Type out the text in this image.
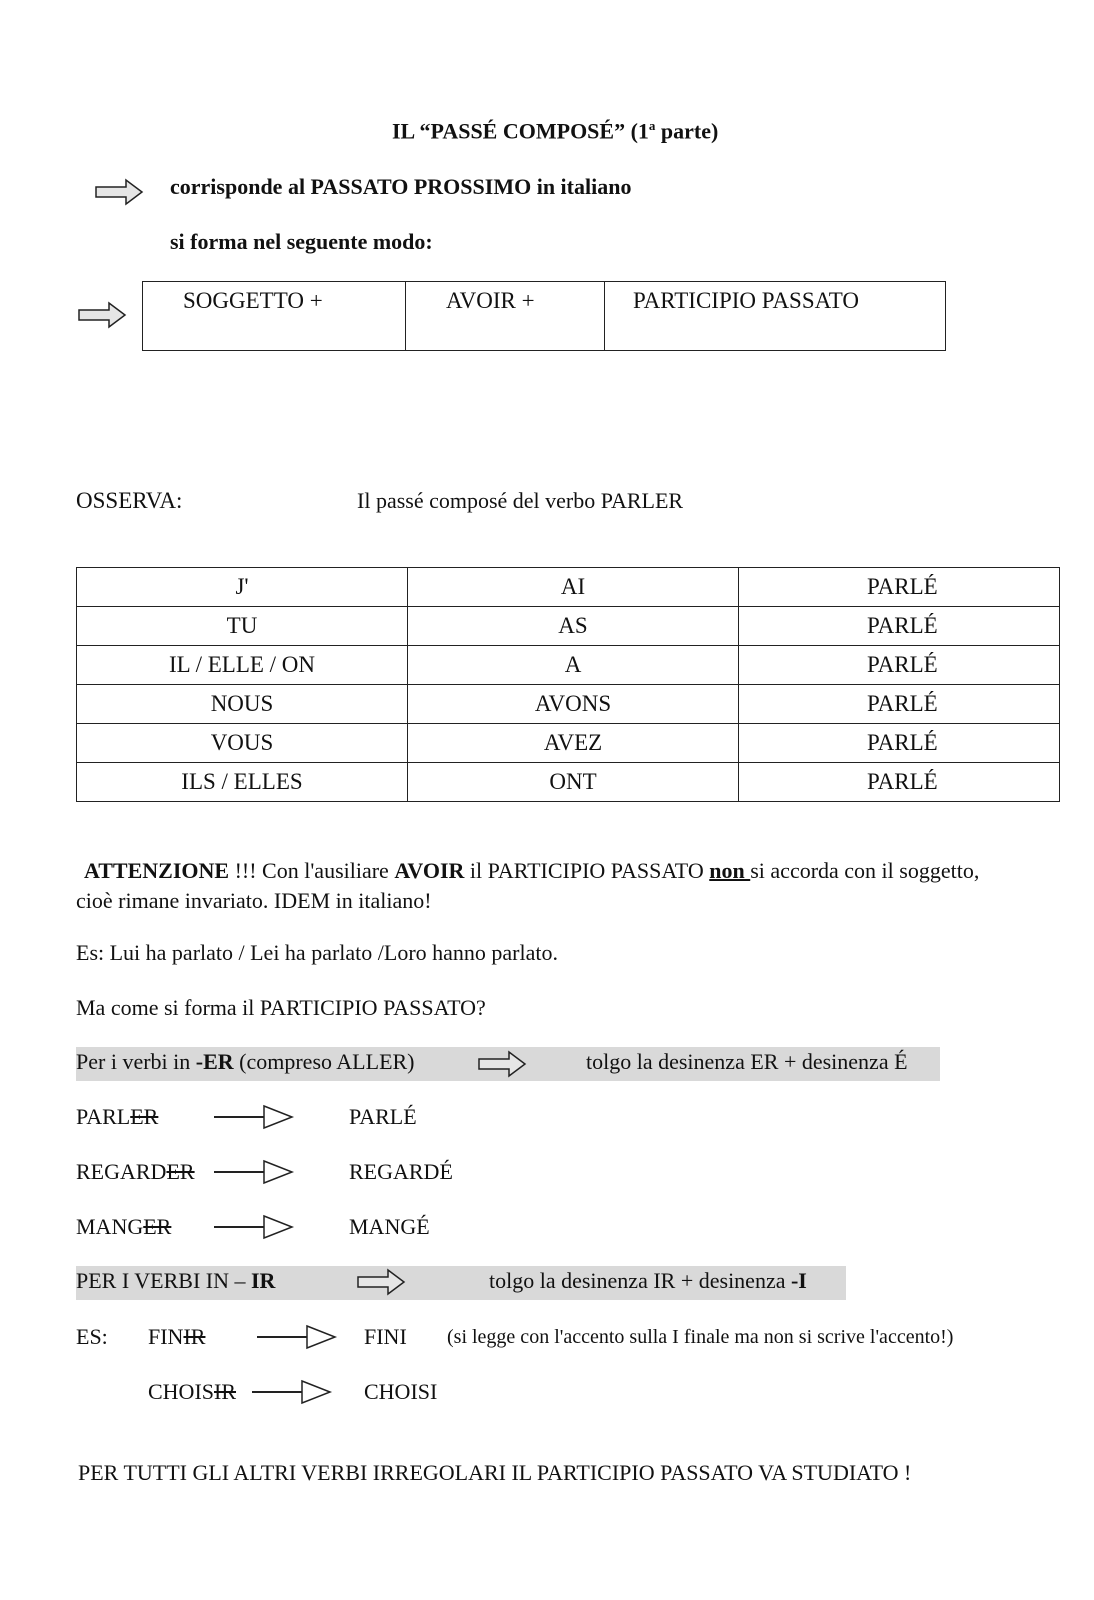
IL “PASSÉ COMPOSÉ” (1$^a$ parte)
corrisponde al PASSATO PROSSIMO in italiano
si forma nel seguente modo:
SOGGETTO +	AVOIR +	PARTICIPIO PASSATO
OSSERVA:	Il passé composé del verbo PARLER
J'	AI	PARLÉ
TU	AS	PARLÉ
IL / ELLE / ON	A	PARLÉ
NOUS	AVONS	PARLÉ
VOUS	AVEZ	PARLÉ
ILS / ELLES	ONT	PARLÉ
ATTENZIONE !!! Con l'ausiliare AVOIR il PARTICIPIO PASSATO non si accorda con il soggetto,
cioè rimane invariato. IDEM in italiano!
Es: Lui ha parlato / Lei ha parlato /Loro hanno parlato.
Ma come si forma il PARTICIPIO PASSATO?
Per i verbi in -ER (compreso ALLER)	tolgo la desinenza ER + desinenza É
PARLER	PARLÉ
REGARDER	REGARDÉ
MANGER	MANGÉ
PER I VERBI IN – IR	tolgo la desinenza IR + desinenza -I
ES: FINIR	FINI (si legge con l'accento sulla I finale ma non si scrive l'accento!)
CHOISIR	CHOISI
PER TUTTI GLI ALTRI VERBI IRREGOLARI IL PARTICIPIO PASSATO VA STUDIATO !
